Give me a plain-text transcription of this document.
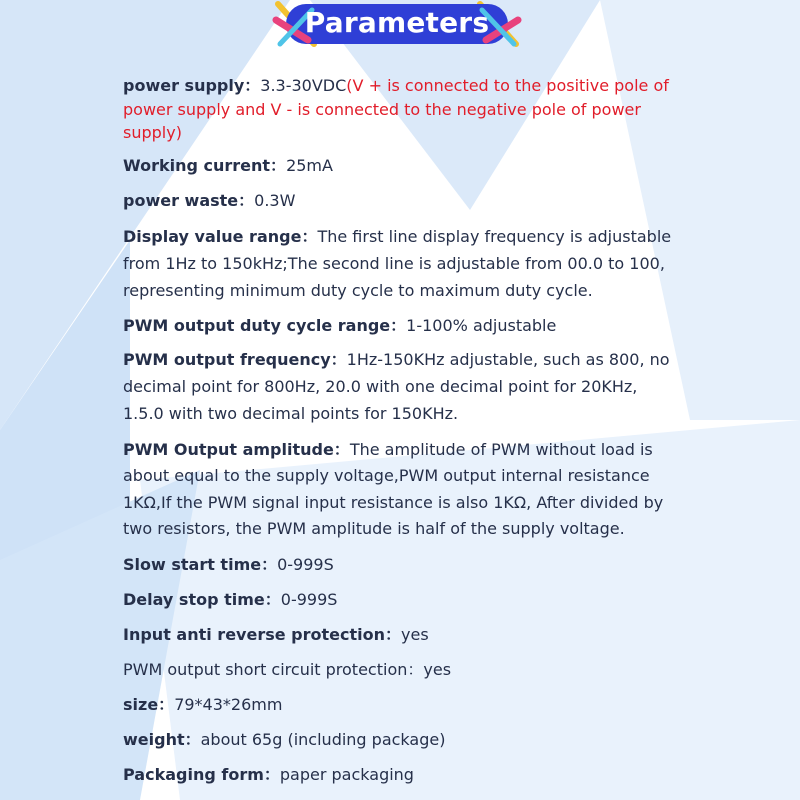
Parameters
power supply：3.3-30VDC(V + is connected to the positive pole of
power supply and V - is connected to the negative pole of power
supply)
Working current：25mA
power waste：0.3W
Display value range：The first line display frequency is adjustable
from 1Hz to 150kHz;The second line is adjustable from 00.0 to 100,
representing minimum duty cycle to maximum duty cycle.
PWM output duty cycle range：1-100% adjustable
PWM output frequency：1Hz-150KHz adjustable, such as 800, no
decimal point for 800Hz, 20.0 with one decimal point for 20KHz,
1.5.0 with two decimal points for 150KHz.
PWM Output amplitude：The amplitude of PWM without load is
about equal to the supply voltage,PWM output internal resistance
1KΩ,If the PWM signal input resistance is also 1KΩ, After divided by
two resistors, the PWM amplitude is half of the supply voltage.
Slow start time：0-999S
Delay stop time：0-999S
Input anti reverse protection：yes
PWM output short circuit protection：yes
size：79*43*26mm
weight：about 65g (including package)
Packaging form：paper packaging
